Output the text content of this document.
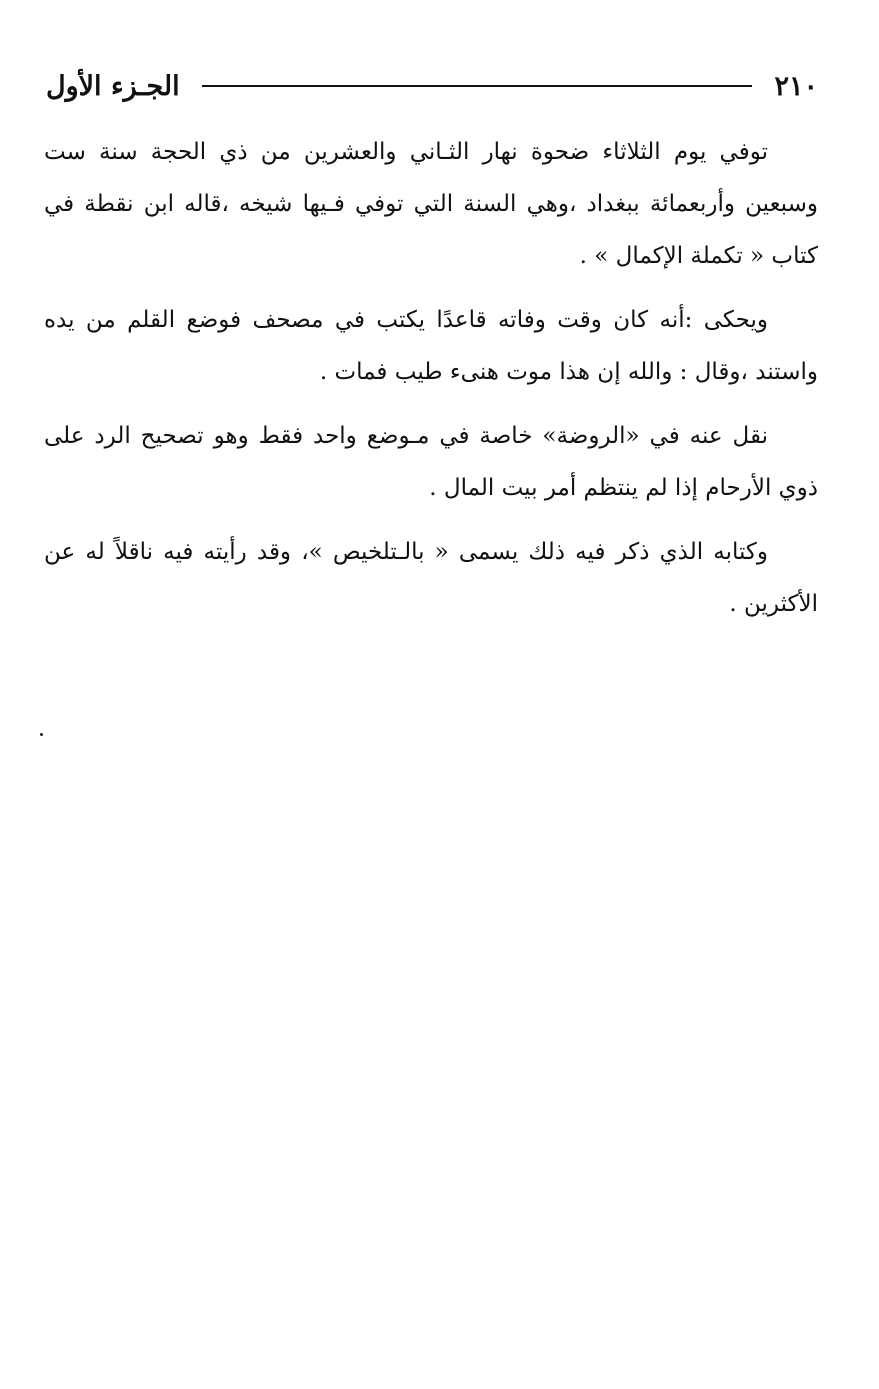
٢١٠
الجـزء الأول

توفي يوم الثلاثاء ضحوة نهار الثـاني والعشرين من ذي الحجة سنة ست وسبعين وأربعمائة ببغداد ،وهي السنة التي توفي فـيها شيخه ،قاله ابن نقطة في كتاب « تكملة الإكمال » .

ويحكى :أنه كان وقت وفاته قاعدًا يكتب في مصحف فوضع القلم من يده واستند ،وقال : والله إن هذا موت هنىء طيب فمات .

نقل عنه في «الروضة» خاصة في مـوضع واحد فقط وهو تصحيح الرد على ذوي الأرحام إذا لم ينتظم أمر بيت المال .

وكتابه الذي ذكر فيه ذلك يسمى « بالـتلخيص »، وقد رأيته فيه ناقلاً له عن الأكثرين .
